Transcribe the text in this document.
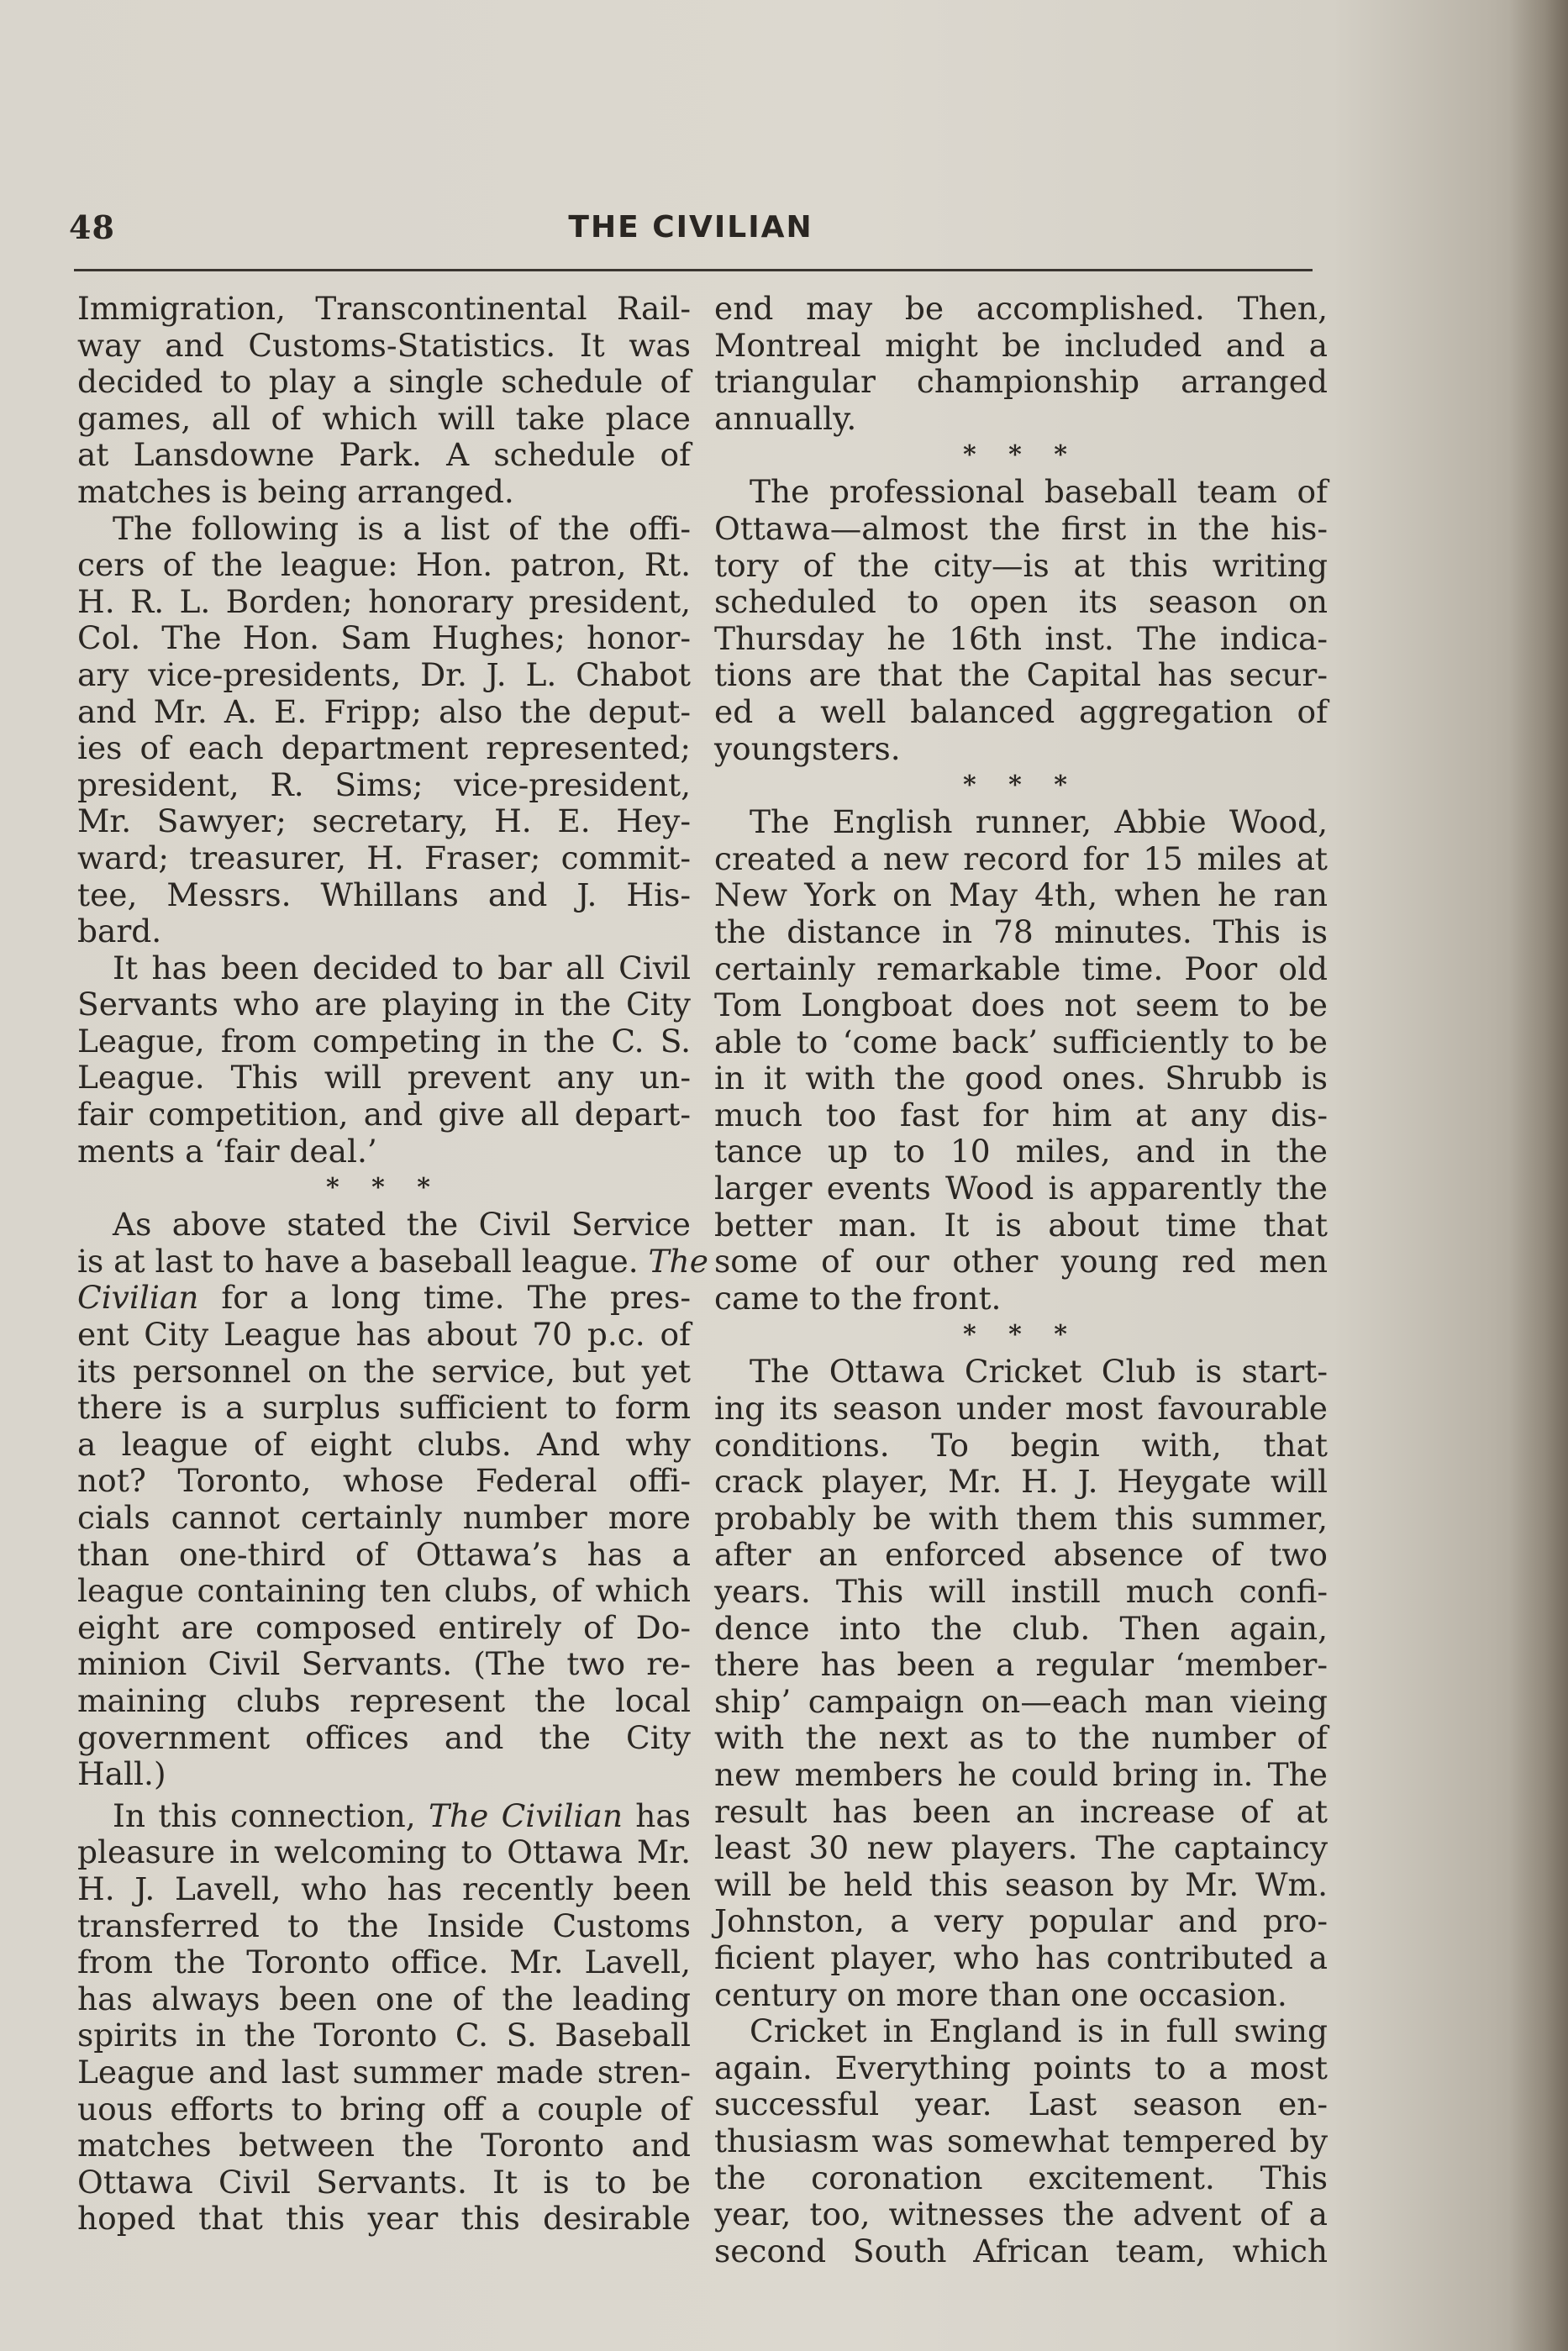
48	THE CIVILIAN

Immigration, Transcontinental Rail-
way and Customs-Statistics. It was
decided to play a single schedule of
games, all of which will take place
at Lansdowne Park. A schedule of
matches is being arranged.

The following is a list of the offi-
cers of the league: Hon. patron, Rt.
H. R. L. Borden; honorary president,
Col. The Hon. Sam Hughes; honor-
ary vice-presidents, Dr. J. L. Chabot
and Mr. A. E. Fripp; also the deput-
ies of each department represented;
president, R. Sims; vice-president,
Mr. Sawyer; secretary, H. E. Hey-
ward; treasurer, H. Fraser; commit-
tee, Messrs. Whillans and J. His-
bard.

It has been decided to bar all Civil
Servants who are playing in the City
League, from competing in the C. S.
League. This will prevent any un-
fair competition, and give all depart-
ments a ‘fair deal.’

* * *

As above stated the Civil Service
is at last to have a baseball league. The
Civilian for a long time. The pres-
ent City League has about 70 p.c. of
its personnel on the service, but yet
there is a surplus sufficient to form
a league of eight clubs. And why
not? Toronto, whose Federal offi-
cials cannot certainly number more
than one-third of Ottawa’s has a
league containing ten clubs, of which
eight are composed entirely of Do-
minion Civil Servants. (The two re-
maining clubs represent the local
government offices and the City
Hall.)

In this connection, The Civilian has
pleasure in welcoming to Ottawa Mr.
H. J. Lavell, who has recently been
transferred to the Inside Customs
from the Toronto office. Mr. Lavell,
has always been one of the leading
spirits in the Toronto C. S. Baseball
League and last summer made stren-
uous efforts to bring off a couple of
matches between the Toronto and
Ottawa Civil Servants. It is to be
hoped that this year this desirable

end may be accomplished. Then,
Montreal might be included and a
triangular championship arranged
annually.

* * *

The professional baseball team of
Ottawa—almost the first in the his-
tory of the city—is at this writing
scheduled to open its season on
Thursday he 16th inst. The indica-
tions are that the Capital has secur-
ed a well balanced aggregation of
youngsters.

* * *

The English runner, Abbie Wood,
created a new record for 15 miles at
New York on May 4th, when he ran
the distance in 78 minutes. This is
certainly remarkable time. Poor old
Tom Longboat does not seem to be
able to ‘come back’ sufficiently to be
in it with the good ones. Shrubb is
much too fast for him at any dis-
tance up to 10 miles, and in the
larger events Wood is apparently the
better man. It is about time that
some of our other young red men
came to the front.

* * *

The Ottawa Cricket Club is start-
ing its season under most favourable
conditions. To begin with, that
crack player, Mr. H. J. Heygate will
probably be with them this summer,
after an enforced absence of two
years. This will instill much confi-
dence into the club. Then again,
there has been a regular ‘member-
ship’ campaign on—each man vieing
with the next as to the number of
new members he could bring in. The
result has been an increase of at
least 30 new players. The captaincy
will be held this season by Mr. Wm.
Johnston, a very popular and pro-
ficient player, who has contributed a
century on more than one occasion.

Cricket in England is in full swing
again. Everything points to a most
successful year. Last season en-
thusiasm was somewhat tempered by
the coronation excitement. This
year, too, witnesses the advent of a
second South African team, which
